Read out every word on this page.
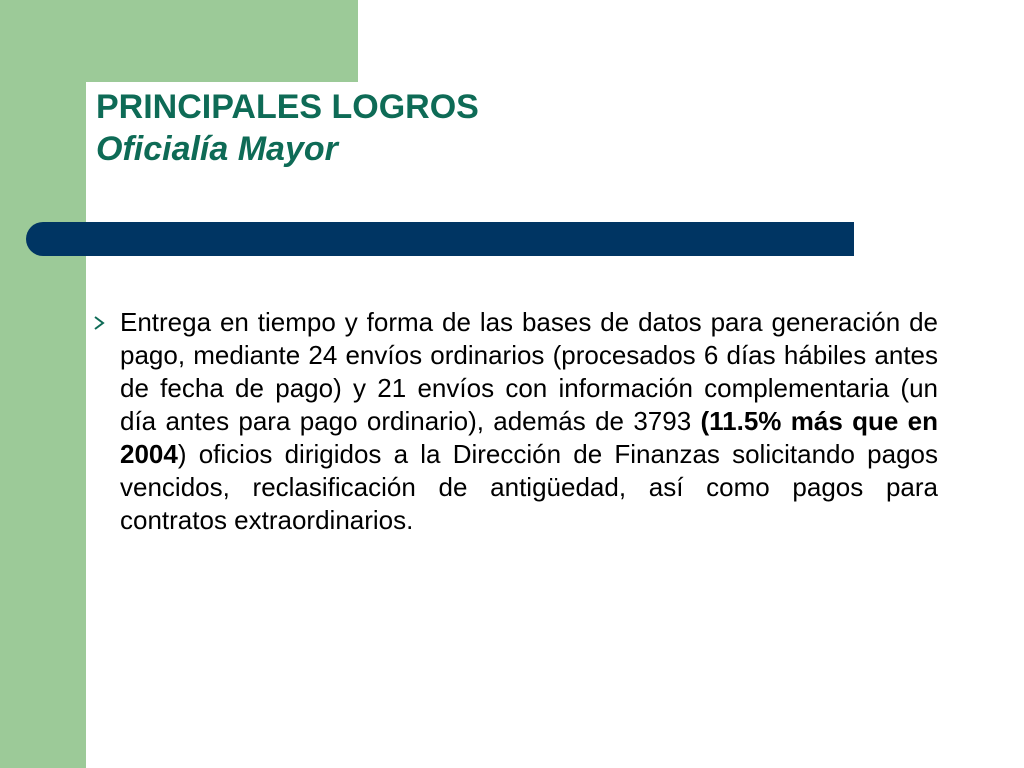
PRINCIPALES LOGROS
Oficialía Mayor
Entrega en tiempo y forma de las bases de datos para generación de pago, mediante 24 envíos ordinarios (procesados 6 días hábiles antes de fecha de pago) y 21 envíos con información complementaria (un día antes para pago ordinario), además de 3793 (11.5% más que en 2004) oficios dirigidos a la Dirección de Finanzas solicitando pagos vencidos, reclasificación de antigüedad, así como pagos para contratos extraordinarios.
